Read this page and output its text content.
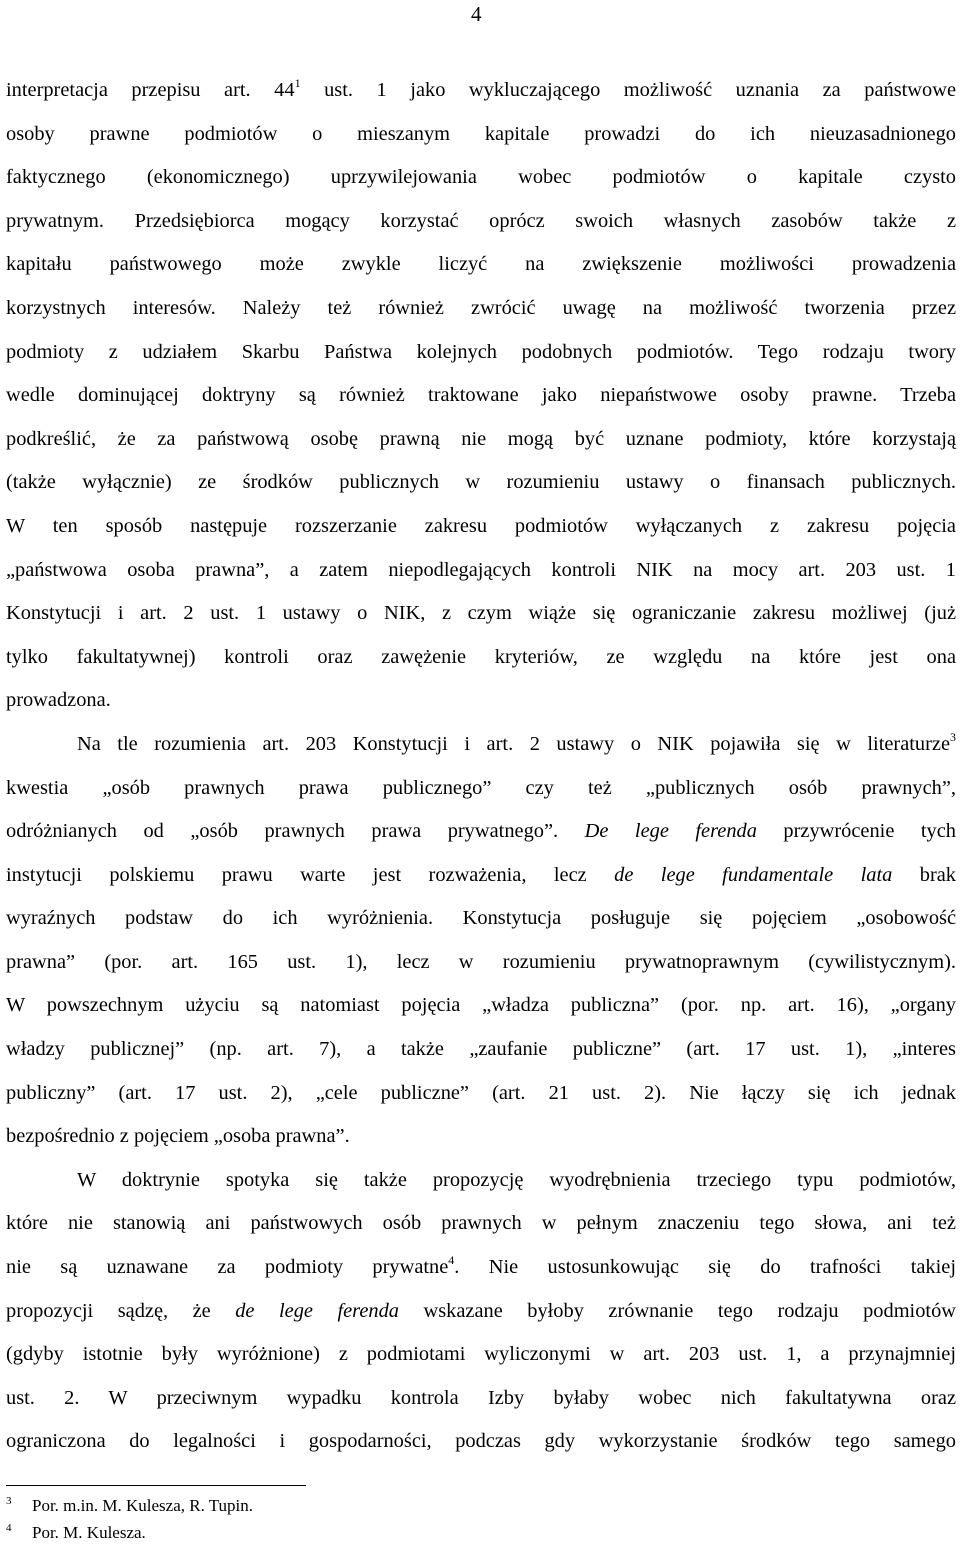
4
interpretacja przepisu art. $44^1$ ust. 1 jako wykluczającego możliwość uznania za państwowe
osoby prawne podmiotów o mieszanym kapitale prowadzi do ich nieuzasadnionego
faktycznego (ekonomicznego) uprzywilejowania wobec podmiotów o kapitale czysto
prywatnym. Przedsiębiorca mogący korzystać oprócz swoich własnych zasobów także z
kapitału państwowego może zwykle liczyć na zwiększenie możliwości prowadzenia
korzystnych interesów. Należy też również zwrócić uwagę na możliwość tworzenia przez
podmioty z udziałem Skarbu Państwa kolejnych podobnych podmiotów. Tego rodzaju twory
wedle dominującej doktryny są również traktowane jako niepaństwowe osoby prawne. Trzeba
podkreślić, że za państwową osobę prawną nie mogą być uznane podmioty, które korzystają
(także wyłącznie) ze środków publicznych w rozumieniu ustawy o finansach publicznych.
W ten sposób następuje rozszerzanie zakresu podmiotów wyłączanych z zakresu pojęcia
„państwowa osoba prawna”, a zatem niepodlegających kontroli NIK na mocy art. 203 ust. 1
Konstytucji i art. 2 ust. 1 ustawy o NIK, z czym wiąże się ograniczanie zakresu możliwej (już
tylko fakultatywnej) kontroli oraz zawężenie kryteriów, ze względu na które jest ona
prowadzona.
Na tle rozumienia art. 203 Konstytucji i art. 2 ustawy o NIK pojawiła się w literaturze$^3$
kwestia „osób prawnych prawa publicznego” czy też „publicznych osób prawnych”,
odróżnianych od „osób prawnych prawa prywatnego”. De lege ferenda przywrócenie tych
instytucji polskiemu prawu warte jest rozważenia, lecz de lege fundamentale lata brak
wyraźnych podstaw do ich wyróżnienia. Konstytucja posługuje się pojęciem „osobowość
prawna” (por. art. 165 ust. 1), lecz w rozumieniu prywatnoprawnym (cywilistycznym).
W powszechnym użyciu są natomiast pojęcia „władza publiczna” (por. np. art. 16), „organy
władzy publicznej” (np. art. 7), a także „zaufanie publiczne” (art. 17 ust. 1), „interes
publiczny” (art. 17 ust. 2), „cele publiczne” (art. 21 ust. 2). Nie łączy się ich jednak
bezpośrednio z pojęciem „osoba prawna”.
W doktrynie spotyka się także propozycję wyodrębnienia trzeciego typu podmiotów,
które nie stanowią ani państwowych osób prawnych w pełnym znaczeniu tego słowa, ani też
nie są uznawane za podmioty prywatne$^4$. Nie ustosunkowując się do trafności takiej
propozycji sądzę, że de lege ferenda wskazane byłoby zrównanie tego rodzaju podmiotów
(gdyby istotnie były wyróżnione) z podmiotami wyliczonymi w art. 203 ust. 1, a przynajmniej
ust. 2. W przeciwnym wypadku kontrola Izby byłaby wobec nich fakultatywna oraz
ograniczona do legalności i gospodarności, podczas gdy wykorzystanie środków tego samego
3 Por. m.in. M. Kulesza, R. Tupin.
4 Por. M. Kulesza.
